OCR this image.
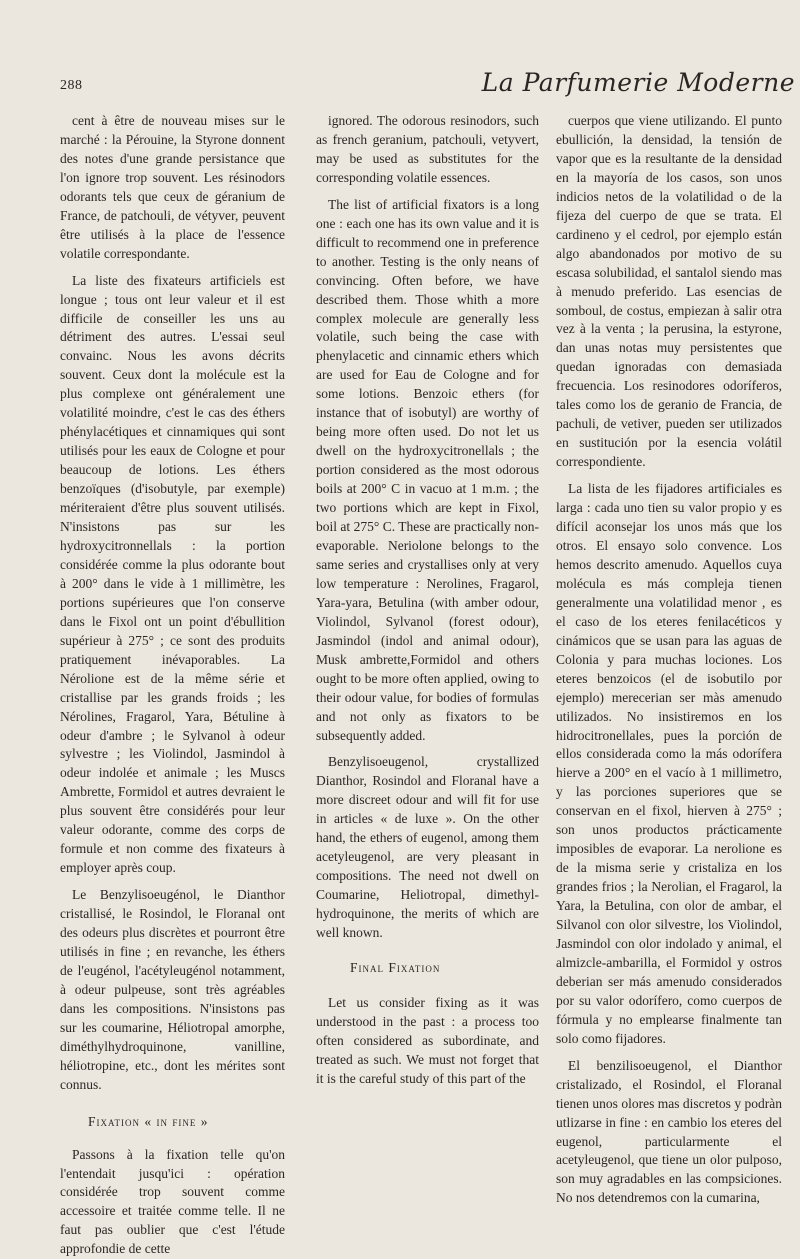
288	La Parfumerie Moderne

cent à être de nouveau mises sur le marché : la Pérouine, la Styrone donnent des notes d'une grande persistance que l'on ignore trop souvent. Les résinodors odorants tels que ceux de géranium de France, de patchouli, de vétyver, peuvent être utilisés à la place de l'essence volatile correspondante.

La liste des fixateurs artificiels est longue ; tous ont leur valeur et il est difficile de conseiller les uns au détriment des autres. L'essai seul convainc. Nous les avons décrits souvent. Ceux dont la molécule est la plus complexe ont généralement une volatilité moindre, c'est le cas des éthers phénylacétiques et cinnamiques qui sont utilisés pour les eaux de Cologne et pour beaucoup de lotions. Les éthers benzoïques (d'isobutyle, par exemple) mériteraient d'être plus souvent utilisés. N'insistons pas sur les hydroxycitronnellals : la portion considérée comme la plus odorante bout à 200° dans le vide à 1 millimètre, les portions supérieures que l'on conserve dans le Fixol ont un point d'ébullition supérieur à 275° ; ce sont des produits pratiquement inévaporables. La Nérolione est de la même série et cristallise par les grands froids ; les Nérolines, Fragarol, Yara, Bétuline à odeur d'ambre ; le Sylvanol à odeur sylvestre ; les Violindol, Jasmindol à odeur indolée et animale ; les Muscs Ambrette, Formidol et autres devraient le plus souvent être considérés pour leur valeur odorante, comme des corps de formule et non comme des fixateurs à employer après coup.

Le Benzylisoeugénol, le Dianthor cristallisé, le Rosindol, le Floranal ont des odeurs plus discrètes et pourront être utilisés in fine ; en revanche, les éthers de l'eugénol, l'acétyleugénol notamment, à odeur pulpeuse, sont très agréables dans les compositions. N'insistons pas sur les coumarine, Héliotropal amorphe, diméthylhydroquinone, vanilline, héliotropine, etc., dont les mérites sont connus.

Fixation « in fine »

Passons à la fixation telle qu'on l'entendait jusqu'ici : opération considérée trop souvent comme accessoire et traitée comme telle. Il ne faut pas oublier que c'est l'étude approfondie de cette

ignored. The odorous resinodors, such as french geranium, patchouli, vetyvert, may be used as substitutes for the corresponding volatile essences.

The list of artificial fixators is a long one : each one has its own value and it is difficult to recommend one in preference to another. Testing is the only neans of convincing. Often before, we have described them. Those whith a more complex molecule are generally less volatile, such being the case with phenylacetic and cinnamic ethers which are used for Eau de Cologne and for some lotions. Benzoic ethers (for instance that of isobutyl) are worthy of being more often used. Do not let us dwell on the hydroxycitronellals ; the portion considered as the most odorous boils at 200° C in vacuo at 1 m.m. ; the two portions which are kept in Fixol, boil at 275° C. These are practically non-evaporable. Neriolone belongs to the same series and crystallises only at very low temperature : Nerolines, Fragarol, Yara-yara, Betulina (with amber odour, Violindol, Sylvanol (forest odour), Jasmindol (indol and animal odour), Musk ambrette,Formidol and others ought to be more often applied, owing to their odour value, for bodies of formulas and not only as fixators to be subsequently added.

Benzylisoeugenol, crystallized Dianthor, Rosindol and Floranal have a more discreet odour and will fit for use in articles « de luxe ». On the other hand, the ethers of eugenol, among them acetyleugenol, are very pleasant in compositions. The need not dwell on Coumarine, Heliotropal, dimethyl-hydroquinone, the merits of which are well known.

Final Fixation

Let us consider fixing as it was understood in the past : a process too often considered as subordinate, and treated as such. We must not forget that it is the careful study of this part of the

cuerpos que viene utilizando. El punto ebullición, la densidad, la tensión de vapor que es la resultante de la densidad en la mayoría de los casos, son unos indicios netos de la volatilidad o de la fijeza del cuerpo de que se trata. El cardineno y el cedrol, por ejemplo están algo abandonados por motivo de su escasa solubilidad, el santalol siendo mas à menudo preferido. Las esencias de somboul, de costus, empiezan à salir otra vez à la venta ; la perusina, la estyrone, dan unas notas muy persistentes que quedan ignoradas con demasiada frecuencia. Los resinodores odoríferos, tales como los de geranio de Francia, de pachuli, de vetiver, pueden ser utilizados en sustitución por la esencia volátil correspondiente.

La lista de les fijadores artificiales es larga : cada uno tien su valor propio y es difícil aconsejar los unos más que los otros. El ensayo solo convence. Los hemos descrito amenudo. Aquellos cuya molécula es más compleja tienen generalmente una volatilidad menor , es el caso de los eteres fenilacéticos y cinámicos que se usan para las aguas de Colonia y para muchas lociones. Los eteres benzoicos (el de isobutilo por ejemplo) merecerian ser màs amenudo utilizados. No insistiremos en los hidrocitronellales, pues la porción de ellos considerada como la más odorífera hierve a 200° en el vacío à 1 millimetro, y las porciones superiores que se conservan en el fixol, hierven à 275° ; son unos productos prácticamente imposibles de evaporar. La nerolione es de la misma serie y cristaliza en los grandes frios ; la Nerolian, el Fragarol, la Yara, la Betulina, con olor de ambar, el Silvanol con olor silvestre, los Violindol, Jasmindol con olor indolado y animal, el almizcle-ambarilla, el Formidol y ostros deberian ser más amenudo considerados por su valor odorífero, como cuerpos de fórmula y no emplearse finalmente tan solo como fijadores.

El benzilisoeugenol, el Dianthor cristalizado, el Rosindol, el Floranal tienen unos olores mas discretos y podràn utlizarse in fine : en cambio los eteres del eugenol, particularmente el acetyleugenol, que tiene un olor pulposo, son muy agradables en las compsiciones. No nos detendremos con la cumarina,
